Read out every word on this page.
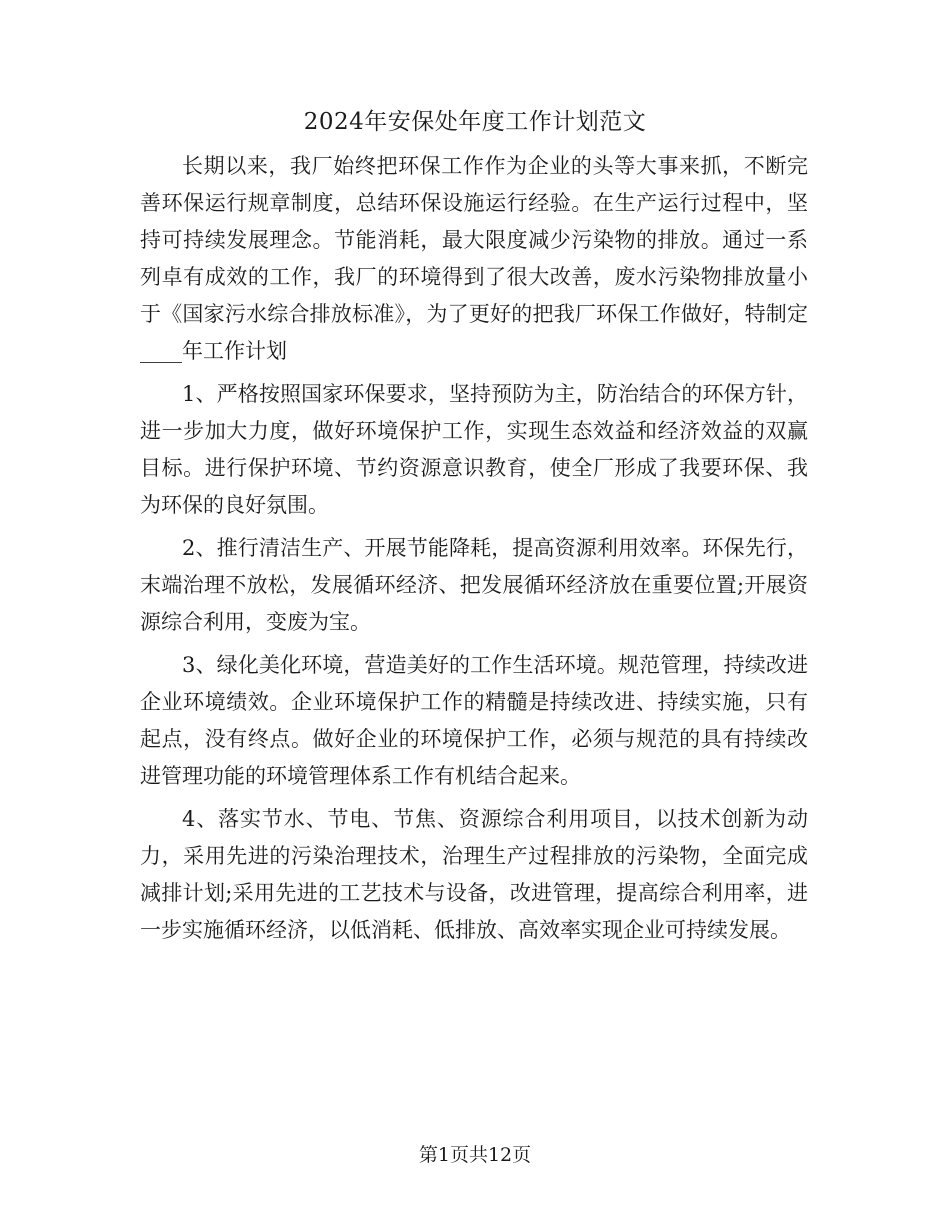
2024年安保处年度工作计划范文

长期以来，我厂始终把环保工作作为企业的头等大事来抓，不断完善环保运行规章制度，总结环保设施运行经验。在生产运行过程中，坚持可持续发展理念。节能消耗，最大限度减少污染物的排放。通过一系列卓有成效的工作，我厂的环境得到了很大改善，废水污染物排放量小于《国家污水综合排放标准》，为了更好的把我厂环保工作做好，特制定____年工作计划

1、严格按照国家环保要求，坚持预防为主，防治结合的环保方针，进一步加大力度，做好环境保护工作，实现生态效益和经济效益的双赢目标。进行保护环境、节约资源意识教育，使全厂形成了我要环保、我为环保的良好氛围。

2、推行清洁生产、开展节能降耗，提高资源利用效率。环保先行，末端治理不放松，发展循环经济、把发展循环经济放在重要位置;开展资源综合利用，变废为宝。

3、绿化美化环境，营造美好的工作生活环境。规范管理，持续改进企业环境绩效。企业环境保护工作的精髓是持续改进、持续实施，只有起点，没有终点。做好企业的环境保护工作，必须与规范的具有持续改进管理功能的环境管理体系工作有机结合起来。

4、落实节水、节电、节焦、资源综合利用项目，以技术创新为动力，采用先进的污染治理技术，治理生产过程排放的污染物，全面完成减排计划;采用先进的工艺技术与设备，改进管理，提高综合利用率，进一步实施循环经济，以低消耗、低排放、高效率实现企业可持续发展。

第1页共12页
